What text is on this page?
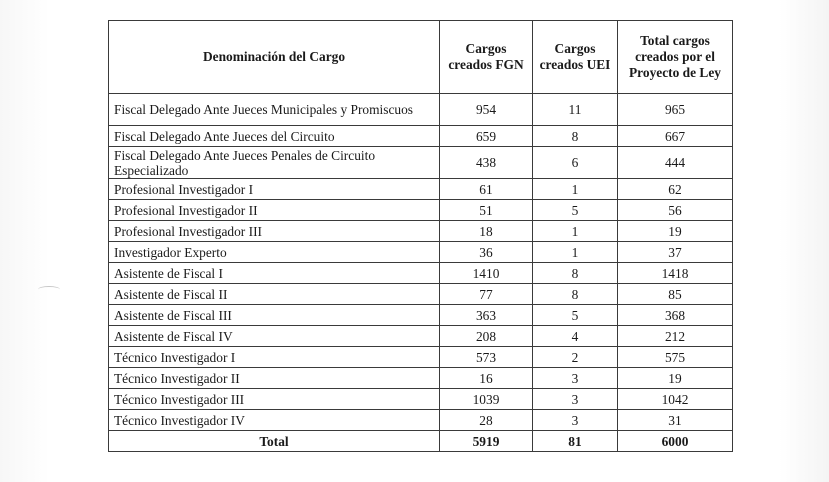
Denominación del Cargo	Cargos creados FGN	Cargos creados UEI	Total cargos creados por el Proyecto de Ley
Fiscal Delegado Ante Jueces Municipales y Promiscuos	954	11	965
Fiscal Delegado Ante Jueces del Circuito	659	8	667
Fiscal Delegado Ante Jueces Penales de Circuito Especializado	438	6	444
Profesional Investigador I	61	1	62
Profesional Investigador II	51	5	56
Profesional Investigador III	18	1	19
Investigador Experto	36	1	37
Asistente de Fiscal I	1410	8	1418
Asistente de Fiscal II	77	8	85
Asistente de Fiscal III	363	5	368
Asistente de Fiscal IV	208	4	212
Técnico Investigador I	573	2	575
Técnico Investigador II	16	3	19
Técnico Investigador III	1039	3	1042
Técnico Investigador IV	28	3	31
Total	5919	81	6000
